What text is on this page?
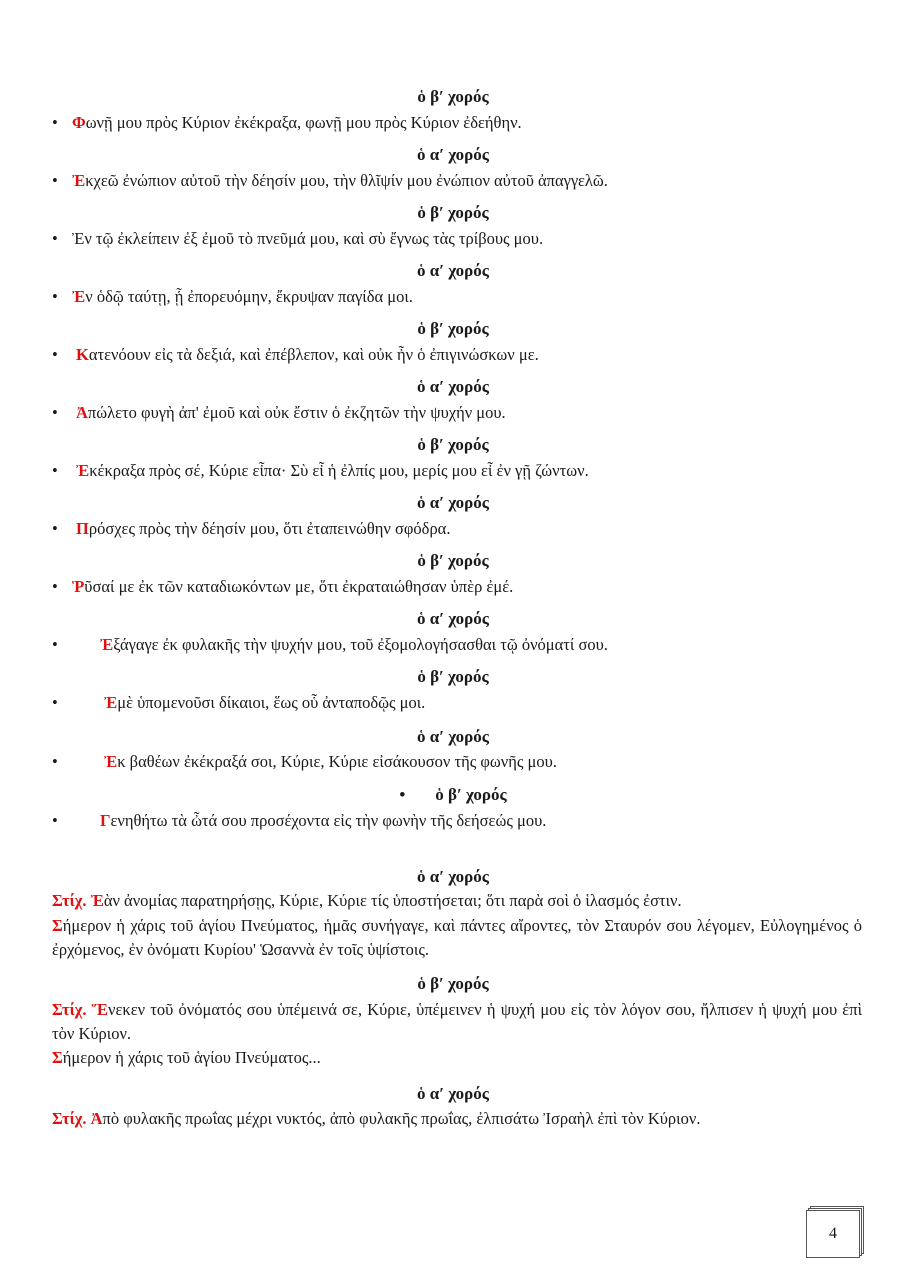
ὁ β′ χορός
• Φωνῇ μου πρὸς Κύριον ἐκέκραξα, φωνῇ μου πρὸς Κύριον ἐδεήθην.
ὁ α′ χορός
• Ἐκχεῶ ἐνώπιον αὐτοῦ τὴν δέησίν μου, τὴν θλῖψίν μου ἐνώπιον αὐτοῦ ἀπαγγελῶ.
ὁ β′ χορός
• Ἐν τῷ ἐκλείπειν ἐξ ἐμοῦ τὸ πνεῦμά μου, καὶ σὺ ἔγνως τὰς τρίβους μου.
ὁ α′ χορός
• Ἐν ὁδῷ ταύτῃ, ᾗ ἐπορευόμην, ἔκρυψαν παγίδα μοι.
ὁ β′ χορός
• Κατενόουν εἰς τὰ δεξιά, καὶ ἐπέβλεπον, καὶ οὐκ ἦν ὁ ἐπιγινώσκων με.
ὁ α′ χορός
• Ἀπώλετο φυγὴ ἀπ' ἐμοῦ καὶ οὐκ ἔστιν ὁ ἐκζητῶν τὴν ψυχήν μου.
ὁ β′ χορός
• Ἐκέκραξα πρὸς σέ, Κύριε εἶπα· Σὺ εἶ ἡ ἐλπίς μου, μερίς μου εἶ ἐν γῇ ζώντων.
ὁ α′ χορός
• Πρόσχες πρὸς τὴν δέησίν μου, ὅτι ἐταπεινώθην σφόδρα.
ὁ β′ χορός
• Ῥῦσαί με ἐκ τῶν καταδιωκόντων με, ὅτι ἐκραταιώθησαν ὑπὲρ ἐμέ.
ὁ α′ χορός
•	Ἐξάγαγε ἐκ φυλακῆς τὴν ψυχήν μου, τοῦ ἐξομολογήσασθαι τῷ ὀνόματί σου.
ὁ β′ χορός
•	Ἐμὲ ὑπομενοῦσι δίκαιοι, ἕως οὗ ἀνταποδῷς μοι.
ὁ α′ χορός
•	Ἐκ βαθέων ἐκέκραξά σοι, Κύριε, Κύριε εἰσάκουσον τῆς φωνῆς μου.
• ὁ β′ χορός
•	Γενηθήτω τὰ ὦτά σου προσέχοντα εἰς τὴν φωνὴν τῆς δεήσεώς μου.
ὁ α′ χορός
Στίχ. Ἐὰν ἀνομίας παρατηρήσῃς, Κύριε, Κύριε τίς ὑποστήσεται; ὅτι παρὰ σοὶ ὁ ἱλασμός ἐστιν.
Σήμερον ἡ χάρις τοῦ ἁγίου Πνεύματος, ἡμᾶς συνήγαγε, καὶ πάντες αἴροντες, τὸν Σταυρόν σου λέγομεν, Εὐλογημένος ὁ ἐρχόμενος, ἐν ὀνόματι Κυρίου' Ὡσαννὰ ἐν τοῖς ὑψίστοις.
ὁ β′ χορός
Στίχ. Ἕνεκεν τοῦ ὀνόματός σου ὑπέμεινά σε, Κύριε, ὑπέμεινεν ἡ ψυχή μου εἰς τὸν λόγον σου, ἤλπισεν ἡ ψυχή μου ἐπὶ τὸν Κύριον.
Σήμερον ἡ χάρις τοῦ ἁγίου Πνεύματος...
ὁ α′ χορός
Στίχ. Ἀπὸ φυλακῆς πρωΐας μέχρι νυκτός, ἀπὸ φυλακῆς πρωΐας, ἐλπισάτω Ἰσραὴλ ἐπὶ τὸν Κύριον.
4
